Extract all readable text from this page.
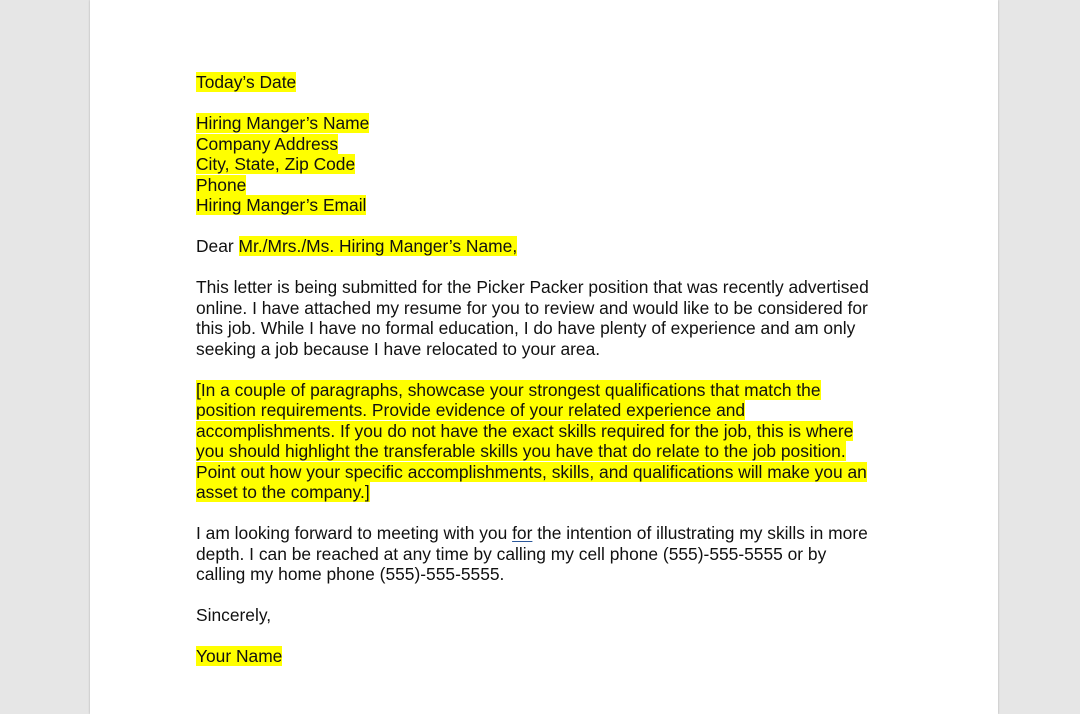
Today’s Date
Hiring Manger’s Name
Company Address
City, State, Zip Code
Phone
Hiring Manger’s Email
Dear Mr./Mrs./Ms. Hiring Manger’s Name,
This letter is being submitted for the Picker Packer position that was recently advertised
online. I have attached my resume for you to review and would like to be considered for
this job. While I have no formal education, I do have plenty of experience and am only
seeking a job because I have relocated to your area.
[In a couple of paragraphs, showcase your strongest qualifications that match the
position requirements. Provide evidence of your related experience and
accomplishments. If you do not have the exact skills required for the job, this is where
you should highlight the transferable skills you have that do relate to the job position.
Point out how your specific accomplishments, skills, and qualifications will make you an
asset to the company.]
I am looking forward to meeting with you for the intention of illustrating my skills in more
depth. I can be reached at any time by calling my cell phone (555)-555-5555 or by
calling my home phone (555)-555-5555.
Sincerely,
Your Name
